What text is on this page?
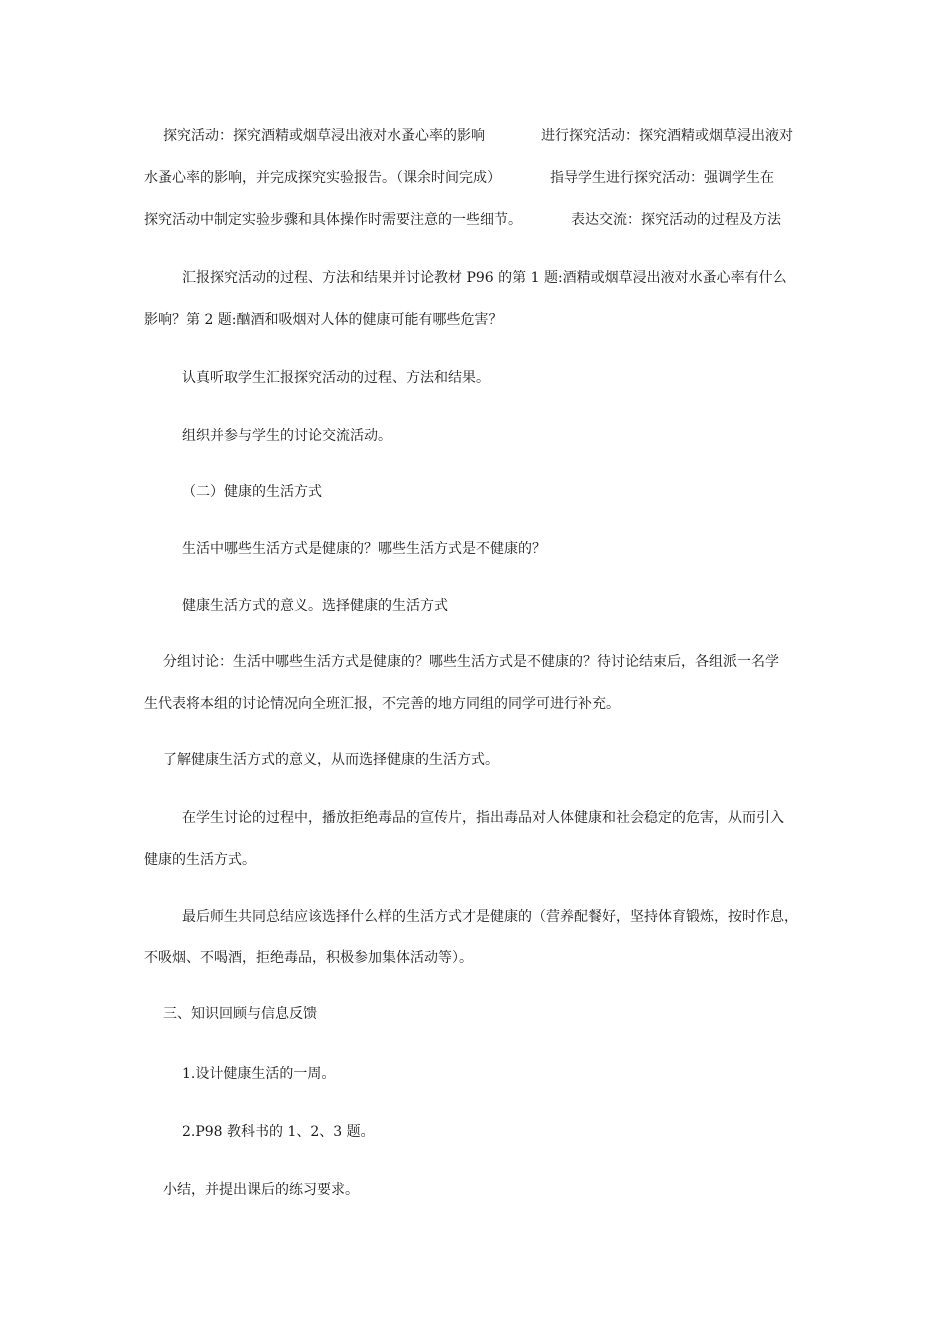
探究活动：探究酒精或烟草浸出液对水蚤心率的影响　　　　进行探究活动：探究酒精或烟草浸出液对
水蚤心率的影响，并完成探究实验报告。（课余时间完成）　　　　指导学生进行探究活动：强调学生在
探究活动中制定实验步骤和具体操作时需要注意的一些细节。　　　　表达交流：探究活动的过程及方法
汇报探究活动的过程、方法和结果并讨论教材 P96 的第 1 题:酒精或烟草浸出液对水蚤心率有什么
影响？第 2 题:酗酒和吸烟对人体的健康可能有哪些危害？
认真听取学生汇报探究活动的过程、方法和结果。
组织并参与学生的讨论交流活动。
（二）健康的生活方式
生活中哪些生活方式是健康的？哪些生活方式是不健康的？
健康生活方式的意义。选择健康的生活方式
分组讨论：生活中哪些生活方式是健康的？哪些生活方式是不健康的？待讨论结束后，各组派一名学
生代表将本组的讨论情况向全班汇报，不完善的地方同组的同学可进行补充。
了解健康生活方式的意义，从而选择健康的生活方式。
在学生讨论的过程中，播放拒绝毒品的宣传片，指出毒品对人体健康和社会稳定的危害，从而引入
健康的生活方式。
最后师生共同总结应该选择什么样的生活方式才是健康的（营养配餐好，坚持体育锻炼，按时作息，
不吸烟、不喝酒，拒绝毒品，积极参加集体活动等）。
三、知识回顾与信息反馈
1.设计健康生活的一周。
2.P98 教科书的 1、2、3 题。
小结，并提出课后的练习要求。
